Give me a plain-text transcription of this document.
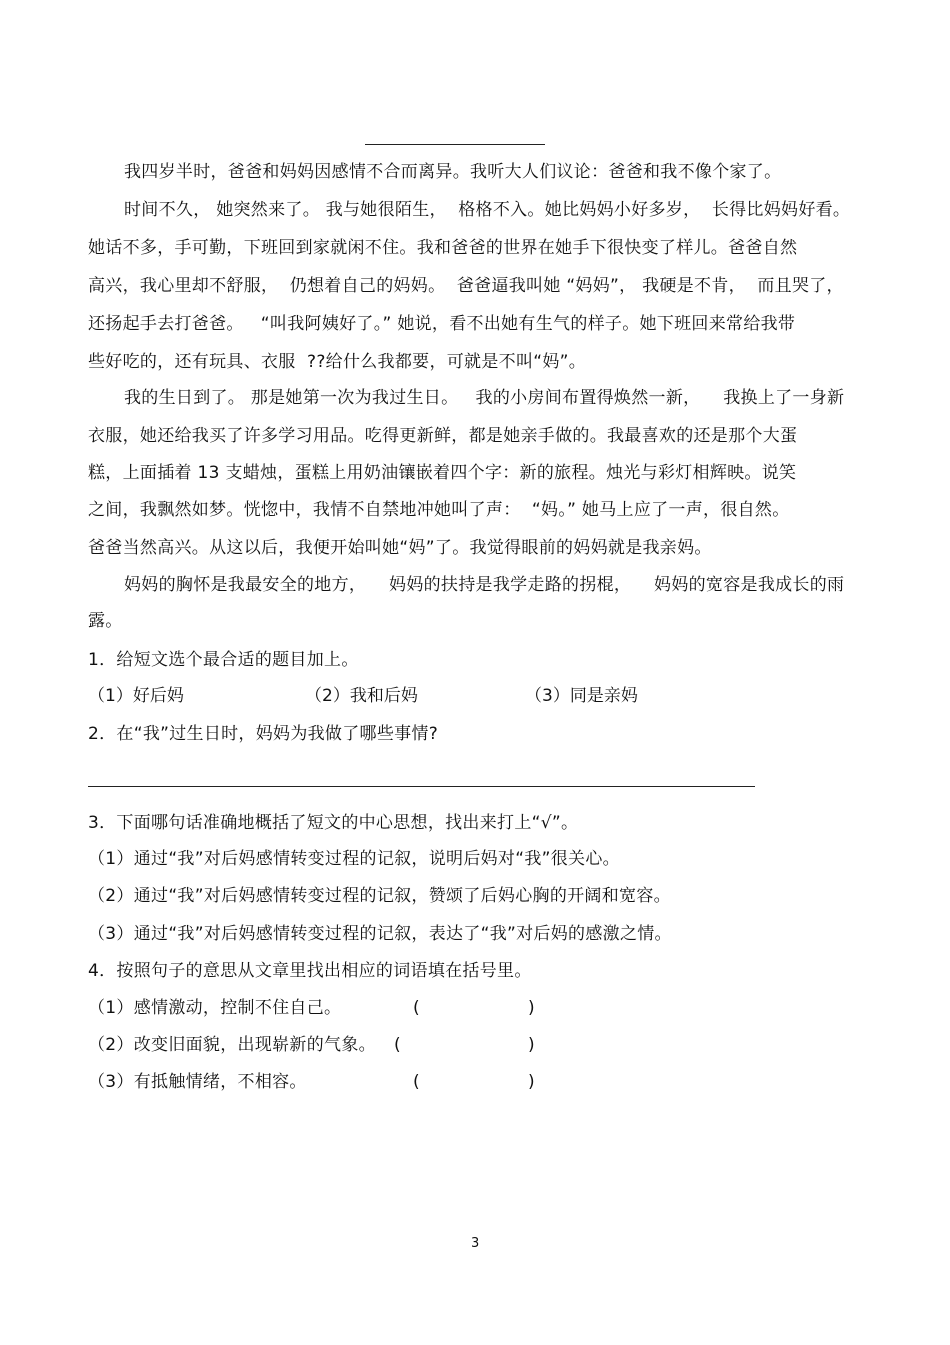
我四岁半时，爸爸和妈妈因感情不合而离异。我听大人们议论：爸爸和我不像个家了。
时间不久， 她突然来了。 我与她很陌生，  格格不入。她比妈妈小好多岁，  长得比妈妈好看。
她话不多，手可勤，下班回到家就闲不住。我和爸爸的世界在她手下很快变了样儿。爸爸自然
高兴，我心里却不舒服，  仍想着自己的妈妈。  爸爸逼我叫她 “妈妈”， 我硬是不肯，  而且哭了，
还扬起手去打爸爸。   “叫我阿姨好了。” 她说，看不出她有生气的样子。她下班回来常给我带
些好吃的，还有玩具、衣服  ??给什么我都要，可就是不叫“妈”。
我的生日到了。 那是她第一次为我过生日。   我的小房间布置得焕然一新，    我换上了一身新
衣服，她还给我买了许多学习用品。吃得更新鲜，都是她亲手做的。我最喜欢的还是那个大蛋
糕，上面插着 13 支蜡烛，蛋糕上用奶油镶嵌着四个字：新的旅程。烛光与彩灯相辉映。说笑
之间，我飘然如梦。恍惚中，我情不自禁地冲她叫了声：  “妈。” 她马上应了一声，很自然。
爸爸当然高兴。从这以后，我便开始叫她“妈”了。我觉得眼前的妈妈就是我亲妈。
妈妈的胸怀是我最安全的地方，    妈妈的扶持是我学走路的拐棍，    妈妈的宽容是我成长的雨
露。
1．给短文选个最合适的题目加上。
（1）好后妈	（2）我和后妈	（3）同是亲妈
2．在“我”过生日时，妈妈为我做了哪些事情?
3．下面哪句话准确地概括了短文的中心思想，找出来打上“√”。
（1）通过“我”对后妈感情转变过程的记叙，说明后妈对“我”很关心。
（2）通过“我”对后妈感情转变过程的记叙，赞颂了后妈心胸的开阔和宽容。
（3）通过“我”对后妈感情转变过程的记叙，表达了“我”对后妈的感激之情。
4．按照句子的意思从文章里找出相应的词语填在括号里。
（1）感情激动，控制不住自己。	(	)
（2）改变旧面貌，出现崭新的气象。 (	)
（3）有抵触情绪，不相容。	(	)
3
